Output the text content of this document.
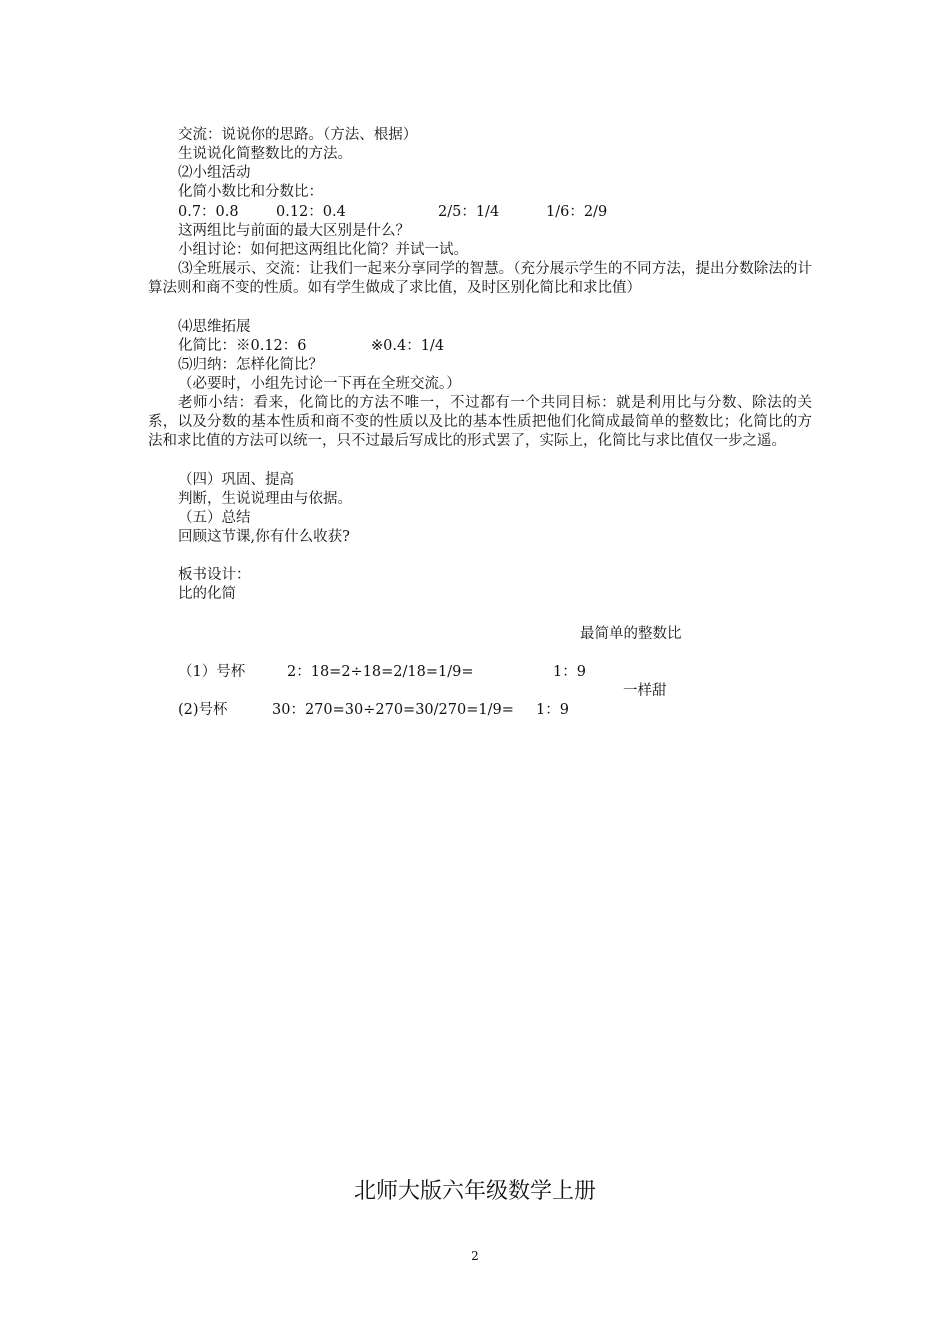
交流：说说你的思路。（方法、根据）
生说说化简整数比的方法。
⑵小组活动
化简小数比和分数比：
0.7：0.8	0.12：0.4	2/5：1/4	1/6：2/9
这两组比与前面的最大区别是什么？
小组讨论：如何把这两组比化简？并试一试。
⑶全班展示、交流：让我们一起来分享同学的智慧。（充分展示学生的不同方法，提出分数除法的计算法则和商不变的性质。如有学生做成了求比值，及时区别化简比和求比值）
⑷思维拓展
化简比：※0.12：6	※0.4：1/4
⑸归纳：怎样化简比？
（必要时，小组先讨论一下再在全班交流。）
老师小结：看来，化简比的方法不唯一，不过都有一个共同目标：就是利用比与分数、除法的关系，以及分数的基本性质和商不变的性质以及比的基本性质把他们化简成最简单的整数比；化简比的方法和求比值的方法可以统一，只不过最后写成比的形式罢了，实际上，化简比与求比值仅一步之遥。
（四）巩固、提高
判断，生说说理由与依据。
（五）总结
回顾这节课,你有什么收获?
板书设计：
比的化简
最简单的整数比
（1）号杯	2：18=2÷18=2/18=1/9=	1：9
一样甜
(2)号杯	30：270=30÷270=30/270=1/9= 1：9
北师大版六年级数学上册
2
